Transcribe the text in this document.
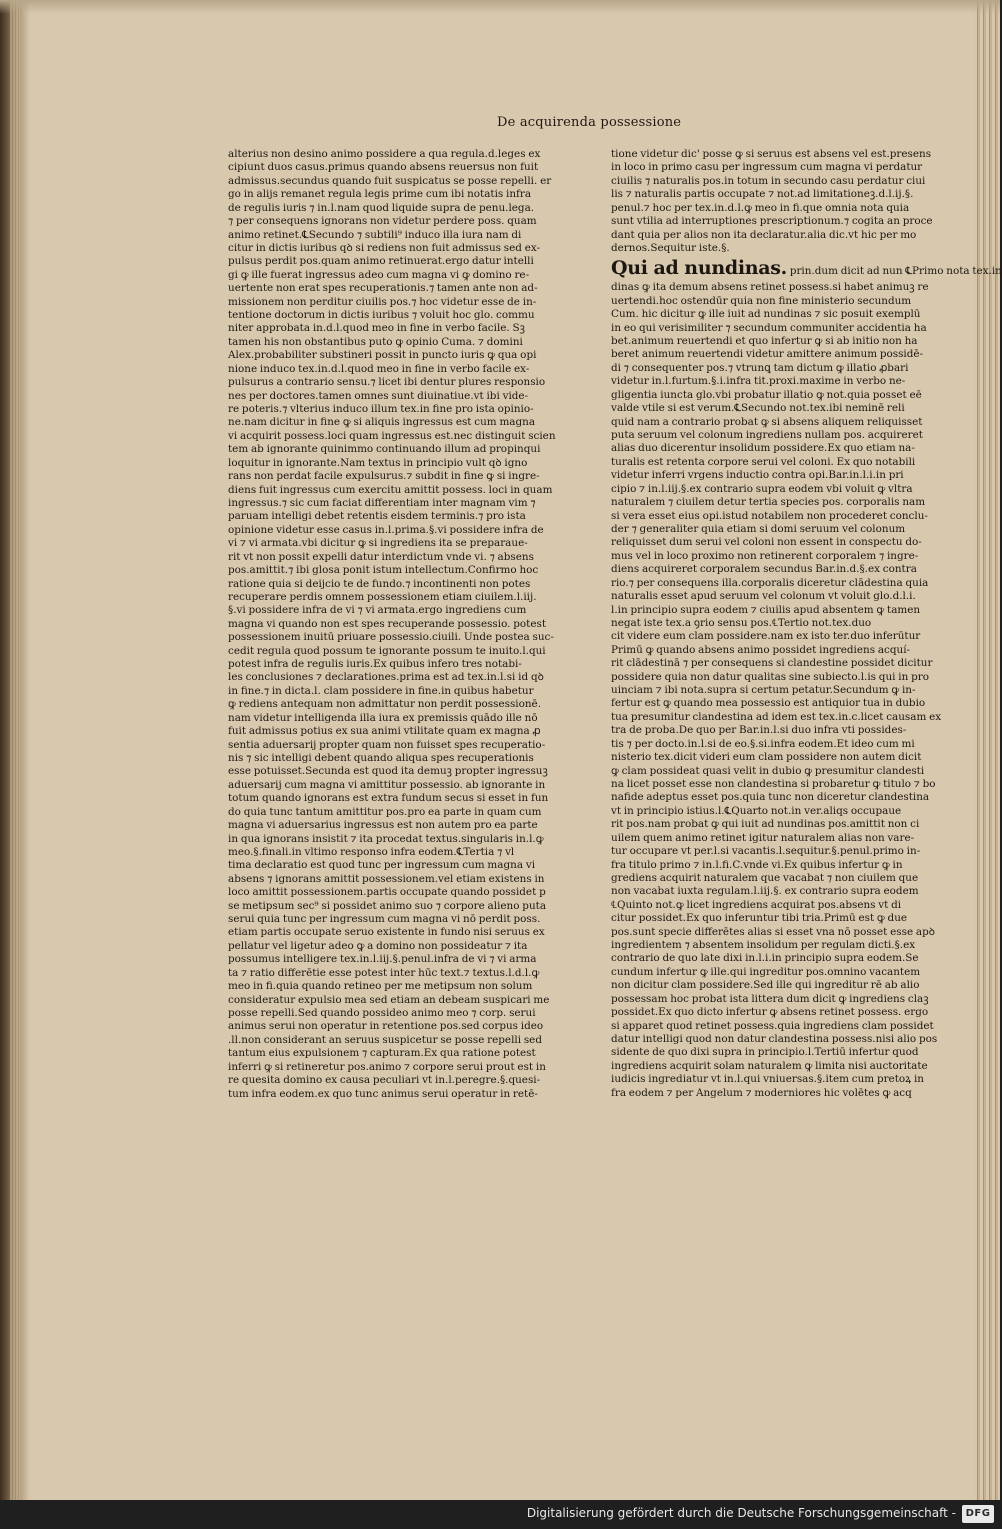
De acquirenda possessione

alterius non desino animo possidere a qua regula.d.leges ex

cipiunt duos casus.primus quando absens reuersus non fuit

admissus.secundus quando fuit suspicatus se posse repelli. er

go in alijs remanet regula legis prime cum ibi notatis infra

de regulis iuris ⁊ in.l.nam quod liquide supra de penu.lega.

⁊ per consequens ignorans non videtur perdere poss. quam

animo retinet.℄Secundo ⁊ subtili⁹ induco illa iura nam di

citur in dictis iuribus qꝺ si rediens non fuit admissus sed ex-

pulsus perdit pos.quam animo retinuerat.ergo datur intelli

gi ꝙ ille fuerat ingressus adeo cum magna vi ꝙ domino re-

uertente non erat spes recuperationis.⁊ tamen ante non ad-

missionem non perditur ciuilis pos.⁊ hoc videtur esse de in-

tentione doctorum in dictis iuribus ⁊ voluit hoc glo. commu

niter approbata in.d.l.quod meo in fine in verbo facile. Sꝫ

tamen his non obstantibus puto ꝙ opinio Cuma. ⁊ domini

Alex.probabiliter substineri possit in puncto iuris ꝙ qua opi

nione induco tex.in.d.l.quod meo in fine in verbo facile ex-

pulsurus a contrario sensu.⁊ licet ibi dentur plures responsio

nes per doctores.tamen omnes sunt diuinatiue.vt ibi vide-

re poteris.⁊ vlterius induco illum tex.in fine pro ista opinio-

ne.nam dicitur in fine ꝙ si aliquis ingressus est cum magna

vi acquirit possess.loci quam ingressus est.nec distinguit scien

tem ab ignorante quinimmo continuando illum ad propinqui

loquitur in ignorante.Nam textus in principio vult qꝺ igno

rans non perdat facile expulsurus.⁊ subdit in fine ꝙ si ingre-

diens fuit ingressus cum exercitu amittit possess. loci in quam

ingressus.⁊ sic cum faciat differentiam inter magnam vim ⁊

paruam intelligi debet retentis eisdem terminis.⁊ pro ista

opinione videtur esse casus in.l.prima.§.vi possidere infra de

vi ⁊ vi armata.vbi dicitur ꝙ si ingrediens ita se preparaue-

rit vt non possit expelli datur interdictum vnde vi. ⁊ absens

pos.amittit.⁊ ibi glosa ponit istum intellectum.Confirmo hoc

ratione quia si deijcio te de fundo.⁊ incontinenti non potes

recuperare perdis omnem possessionem etiam ciuilem.l.iij.

§.vi possidere infra de vi ⁊ vi armata.ergo ingrediens cum

magna vi quando non est spes recuperande possessio. potest

possessionem inuitū priuare possessio.ciuili. Unde postea suc-

cedit regula quod possum te ignorante possum te inuito.l.qui

potest infra de regulis iuris.Ex quibus infero tres notabi-

les conclusiones ⁊ declarationes.prima est ad tex.in.l.si id qꝺ

in fine.⁊ in dicta.l. clam possidere in fine.in quibus habetur

ꝙ rediens antequam non admittatur non perdit possessionē.

nam videtur intelligenda illa iura ex premissis quādo ille nō

fuit admissus potius ex sua animi vtilitate quam ex magna ꝓ

sentia aduersarij propter quam non fuisset spes recuperatio-

nis ⁊ sic intelligi debent quando aliqua spes recuperationis

esse potuisset.Secunda est quod ita demuꝫ propter ingressuꝫ

aduersarij cum magna vi amittitur possessio. ab ignorante in

totum quando ignorans est extra fundum secus si esset in fun

do quia tunc tantum amittitur pos.pro ea parte in quam cum

magna vi aduersarius ingressus est non autem pro ea parte

in qua ignorans insistit ⁊ ita procedat textus.singularis in.l.ꝙ

meo.§.finali.in vltimo responso infra eodem.℄Tertia ⁊ vl

tima declaratio est quod tunc per ingressum cum magna vi

absens ⁊ ignorans amittit possessionem.vel etiam existens in

loco amittit possessionem.partis occupate quando possidet p

se metipsum sec⁹ si possidet animo suo ⁊ corpore alieno puta

serui quia tunc per ingressum cum magna vi nō perdit poss.

etiam partis occupate seruo existente in fundo nisi seruus ex

pellatur vel ligetur adeo ꝙ a domino non possideatur ⁊ ita

possumus intelligere tex.in.l.iij.§.penul.infra de vi ⁊ vi arma

ta ⁊ ratio differētie esse potest inter hūc text.⁊ textus.l.d.l.ꝙ

meo in fi.quia quando retineo per me metipsum non solum

consideratur expulsio mea sed etiam an debeam suspicari me

posse repelli.Sed quando possideo animo meo ⁊ corp. serui

animus serui non operatur in retentione pos.sed corpus ideo

.ll.non considerant an seruus suspicetur se posse repelli sed

tantum eius expulsionem ⁊ capturam.Ex qua ratione potest

inferri ꝙ si retineretur pos.animo ⁊ corpore serui prout est in

re quesita domino ex causa peculiari vt in.l.peregre.§.quesi-

tum infra eodem.ex quo tunc animus serui operatur in retē-

tione videtur dic' posse ꝙ si seruus est absens vel est.presens

in loco in primo casu per ingressum cum magna vi perdatur

ciuilis ⁊ naturalis pos.in totum in secundo casu perdatur ciui

lis ⁊ naturalis partis occupate ⁊ not.ad limitationeꝫ.d.l.ij.§.

penul.⁊ hoc per tex.in.d.l.ꝙ meo in fi.que omnia nota quia

sunt vtilia ad interruptiones prescriptionum.⁊ cogita an proce

dant quia per alios non ita declaratur.alia dic.vt hic per mo

dernos.Sequitur iste.§.

Qui ad nundinas. prin.dum dicit ad nun ℄Primo nota tex.in

dinas ꝙ ita demum absens retinet possess.si habet animuꝫ re

uertendi.hoc ostendūr quia non fine ministerio secundum

Cum. hic dicitur ꝙ ille iuit ad nundinas ⁊ sic posuit exemplū

in eo qui verisimiliter ⁊ secundum communiter accidentia ha

bet.animum reuertendi et quo infertur ꝙ si ab initio non ha

beret animum reuertendi videtur amittere animum possidē-

di ⁊ consequenter pos.⁊ vtrunꝗ tam dictum ꝙ illatio ꝓbari

videtur in.l.furtum.§.i.infra tit.proxi.maxime in verbo ne-

gligentia iuncta glo.vbi probatur illatio ꝙ not.quia posset eē

valde vtile si est verum.℄Secundo not.tex.ibi neminē reli

quid nam a contrario probat ꝙ si absens aliquem reliquisset

puta seruum vel colonum ingrediens nullam pos. acquireret

alias duo dicerentur insolidum possidere.Ex quo etiam na-

turalis est retenta corpore serui vel coloni. Ex quo notabili

videtur inferri vrgens inductio contra opi.Bar.in.l.i.in pri

cipio ⁊ in.l.iij.§.ex contrario supra eodem vbi voluit ꝙ vltra

naturalem ⁊ ciuilem detur tertia species pos. corporalis nam

si vera esset eius opi.istud notabilem non procederet conclu-

der ⁊ generaliter quia etiam si domi seruum vel colonum

reliquisset dum serui vel coloni non essent in conspectu do-

mus vel in loco proximo non retinerent corporalem ⁊ ingre-

diens acquireret corporalem secundus Bar.in.d.§.ex contra

rio.⁊ per consequens illa.corporalis diceretur clādestina quia

naturalis esset apud seruum vel colonum vt voluit glo.d.l.i.

l.in principio supra eodem ⁊ ciuilis apud absentem ꝙ tamen

negat iste tex.a ꝯrio sensu pos.℄Tertio not.tex.duo

cit videre eum clam possidere.nam ex isto ter.duo inferūtur

Primū ꝙ quando absens animo possidet ingrediens acquí-

rit clādestinā ⁊ per consequens si clandestine possidet dicitur

possidere quia non datur qualitas sine subiecto.l.is qui in pro

uinciam ⁊ ibi nota.supra si certum petatur.Secundum ꝙ in-

fertur est ꝙ quando mea possessio est antiquior tua in dubio

tua presumitur clandestina ad idem est tex.in.c.licet causam ex

tra de proba.De quo per Bar.in.l.si duo infra vti possides-

tis ⁊ per docto.in.l.si de eo.§.si.infra eodem.Et ideo cum mi

nisterio tex.dicit videri eum clam possidere non autem dicit

ꝙ clam possideat quasi velit in dubio ꝙ presumitur clandesti

na licet posset esse non clandestina si probaretur ꝙ titulo ⁊ bo

nafide adeptus esset pos.quia tunc non diceretur clandestina

vt in principio istius.l.℄Quarto not.in ver.aliqs occupaue

rit pos.nam probat ꝙ qui iuit ad nundinas pos.amittit non ci

uilem quem animo retinet igitur naturalem alias non vare-

tur occupare vt per.l.si vacantis.l.sequitur.§.penul.primo in-

fra titulo primo ⁊ in.l.fi.C.vnde vi.Ex quibus infertur ꝙ in

grediens acquirit naturalem que vacabat ⁊ non ciuilem que

non vacabat iuxta regulam.l.iij.§. ex contrario supra eodem

℄Quinto not.ꝙ licet ingrediens acquirat pos.absens vt di

citur possidet.Ex quo inferuntur tibi tria.Primū est ꝙ due

pos.sunt specie differētes alias si esset vna nō posset esse apꝺ

ingredientem ⁊ absentem insolidum per regulam dicti.§.ex

contrario de quo late dixi in.l.i.in principio supra eodem.Se

cundum infertur ꝙ ille.qui ingreditur pos.omnino vacantem

non dicitur clam possidere.Sed ille qui ingreditur rē ab alio

possessam hoc probat ista littera dum dicit ꝙ ingrediens claꝫ

possidet.Ex quo dicto infertur ꝙ absens retinet possess. ergo

si apparet quod retinet possess.quia ingrediens clam possidet

datur intelligi quod non datur clandestina possess.nisi alio pos

sidente de quo dixi supra in principio.l.Tertiū infertur quod

ingrediens acquirit solam naturalem ꝙ limita nisi auctoritate

iudicis ingrediatur vt in.l.qui vniuersas.§.item cum pretoꝝ in

fra eodem ⁊ per Angelum ⁊ moderniores hic volētes ꝙ acq

Digitalisierung gefördert durch die Deutsche Forschungsgemeinschaft - DFG
